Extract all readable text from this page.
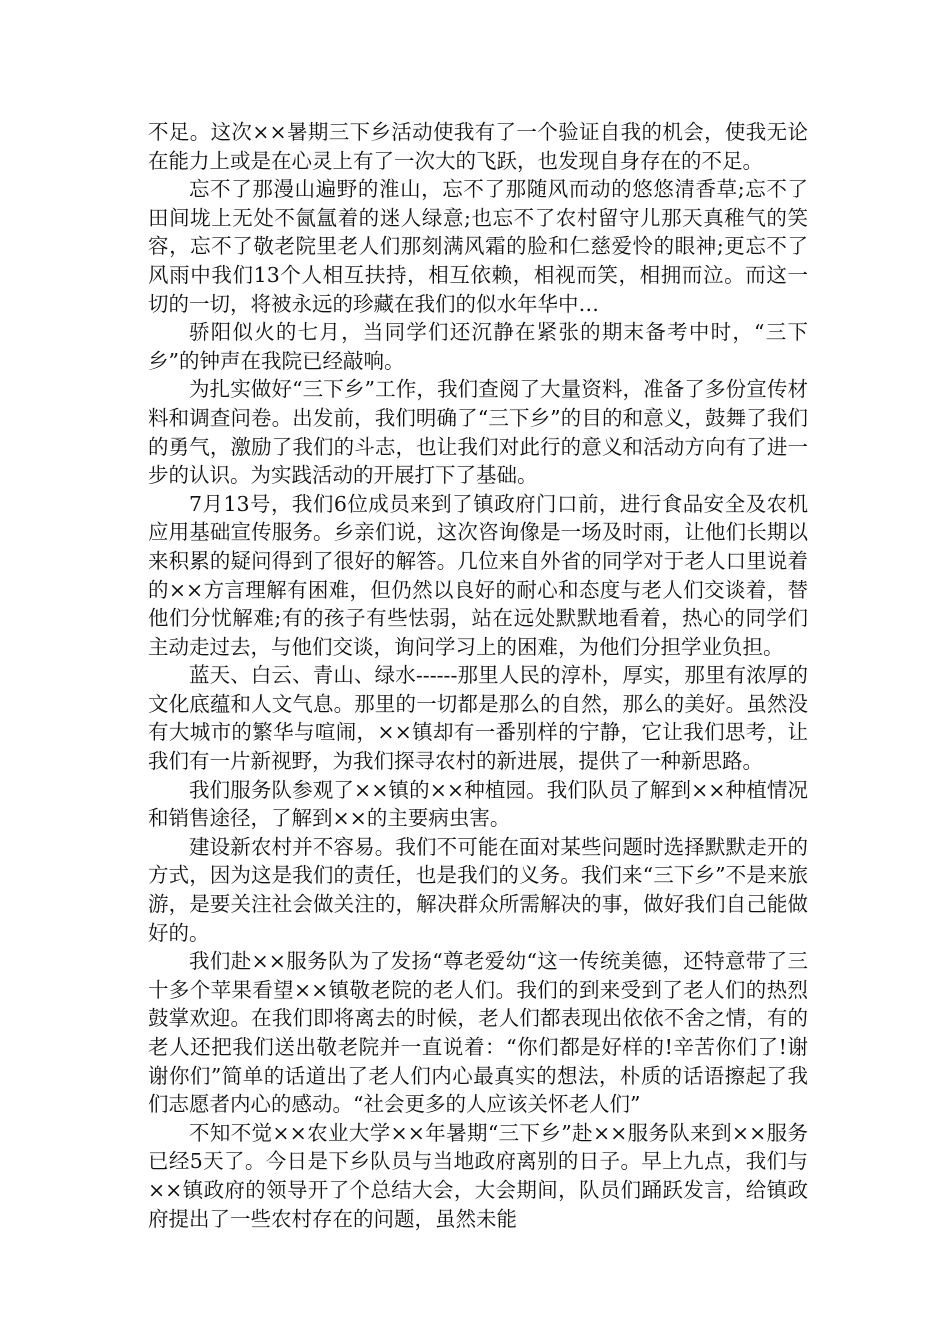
不足。这次××暑期三下乡活动使我有了一个验证自我的机会，使我无论在能力上或是在心灵上有了一次大的飞跃，也发现自身存在的不足。

忘不了那漫山遍野的淮山，忘不了那随风而动的悠悠清香草;忘不了田间垅上无处不氤氲着的迷人绿意;也忘不了农村留守儿那天真稚气的笑容，忘不了敬老院里老人们那刻满风霜的脸和仁慈爱怜的眼神;更忘不了风雨中我们13个人相互扶持，相互依赖，相视而笑，相拥而泣。而这一切的一切，将被永远的珍藏在我们的似水年华中…

骄阳似火的七月，当同学们还沉静在紧张的期末备考中时，“三下乡”的钟声在我院已经敲响。

为扎实做好“三下乡”工作，我们查阅了大量资料，准备了多份宣传材料和调查问卷。出发前，我们明确了“三下乡”的目的和意义，鼓舞了我们的勇气，激励了我们的斗志，也让我们对此行的意义和活动方向有了进一步的认识。为实践活动的开展打下了基础。

7月13号，我们6位成员来到了镇政府门口前，进行食品安全及农机应用基础宣传服务。乡亲们说，这次咨询像是一场及时雨，让他们长期以来积累的疑问得到了很好的解答。几位来自外省的同学对于老人口里说着的××方言理解有困难，但仍然以良好的耐心和态度与老人们交谈着，替他们分忧解难;有的孩子有些怯弱，站在远处默默地看着，热心的同学们主动走过去，与他们交谈，询问学习上的困难，为他们分担学业负担。

蓝天、白云、青山、绿水------那里人民的淳朴，厚实，那里有浓厚的文化底蕴和人文气息。那里的一切都是那么的自然，那么的美好。虽然没有大城市的繁华与喧闹，××镇却有一番别样的宁静，它让我们思考，让我们有一片新视野，为我们探寻农村的新进展，提供了一种新思路。

我们服务队参观了××镇的××种植园。我们队员了解到××种植情况和销售途径，了解到××的主要病虫害。

建设新农村并不容易。我们不可能在面对某些问题时选择默默走开的方式，因为这是我们的责任，也是我们的义务。我们来“三下乡”不是来旅游，是要关注社会做关注的，解决群众所需解决的事，做好我们自己能做好的。

我们赴××服务队为了发扬“尊老爱幼“这一传统美德，还特意带了三十多个苹果看望××镇敬老院的老人们。我们的到来受到了老人们的热烈鼓掌欢迎。在我们即将离去的时候，老人们都表现出依依不舍之情，有的老人还把我们送出敬老院并一直说着：“你们都是好样的!辛苦你们了!谢谢你们”简单的话道出了老人们内心最真实的想法，朴质的话语擦起了我们志愿者内心的感动。“社会更多的人应该关怀老人们”

不知不觉××农业大学××年暑期“三下乡”赴××服务队来到××服务已经5天了。今日是下乡队员与当地政府离别的日子。早上九点，我们与××镇政府的领导开了个总结大会，大会期间，队员们踊跃发言，给镇政府提出了一些农村存在的问题，虽然未能
